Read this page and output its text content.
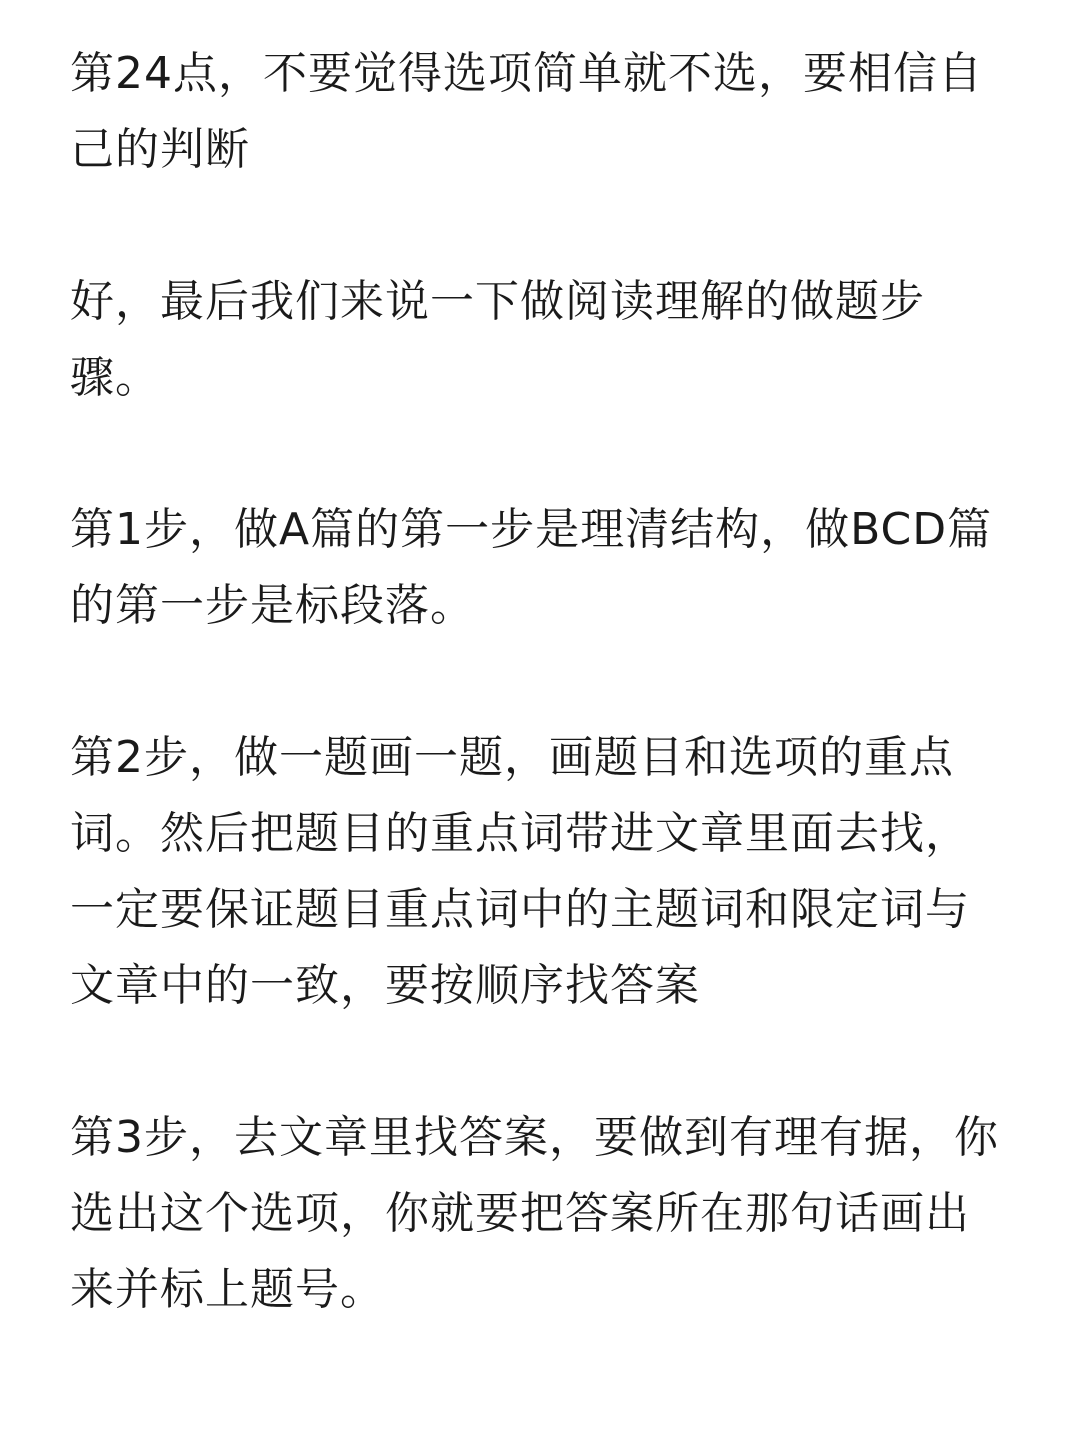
第24点，不要觉得选项简单就不选，要相信自己的判断

好，最后我们来说一下做阅读理解的做题步骤。

第1步，做A篇的第一步是理清结构，做BCD篇的第一步是标段落。

第2步，做一题画一题，画题目和选项的重点词。然后把题目的重点词带进文章里面去找，一定要保证题目重点词中的主题词和限定词与文章中的一致，要按顺序找答案

第3步，去文章里找答案，要做到有理有据，你选出这个选项，你就要把答案所在那句话画出来并标上题号。
